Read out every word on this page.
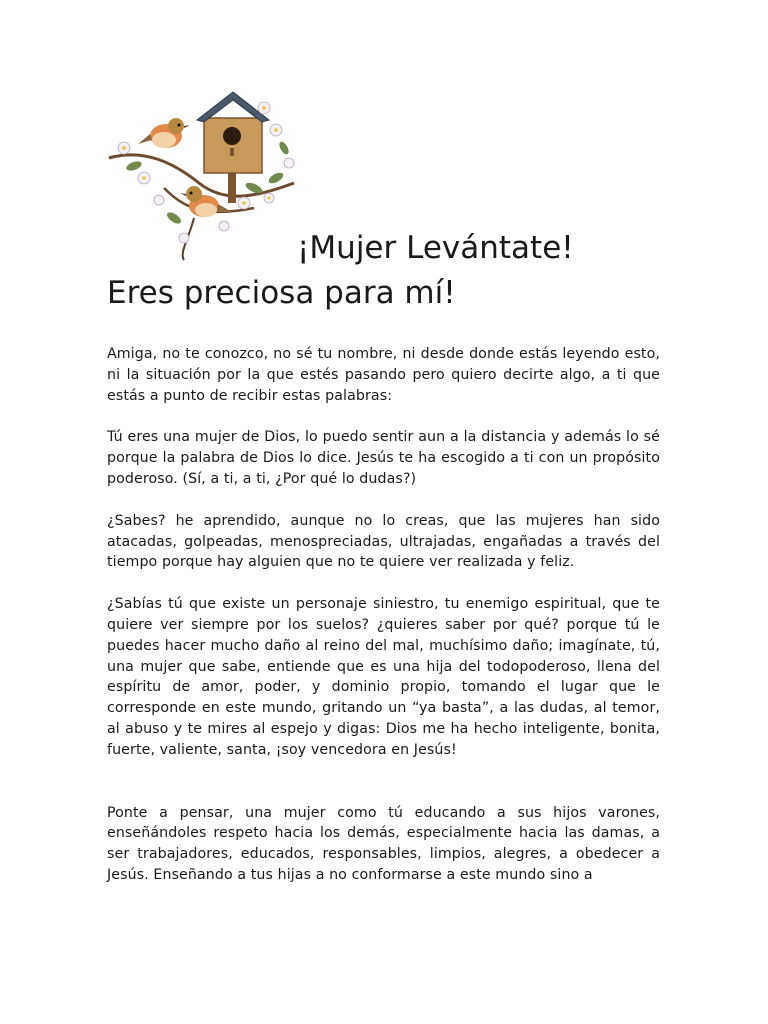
¡Mujer Levántate!
Eres preciosa para mí!

Amiga, no te conozco, no sé tu nombre, ni desde donde estás leyendo esto, ni la situación por la que estés pasando pero quiero decirte algo, a ti que estás a punto de recibir estas palabras:

Tú eres una mujer de Dios, lo puedo sentir aun a la distancia y además lo sé porque la palabra de Dios lo dice. Jesús te ha escogido a ti con un propósito poderoso. (Sí, a ti, a ti, ¿Por qué lo dudas?)

¿Sabes? he aprendido, aunque no lo creas, que las mujeres han sido atacadas, golpeadas, menospreciadas, ultrajadas, engañadas a través del tiempo porque hay alguien que no te quiere ver realizada y feliz.

¿Sabías tú que existe un personaje siniestro, tu enemigo espiritual, que te quiere ver siempre por los suelos? ¿quieres saber por qué? porque tú le puedes hacer mucho daño al reino del mal, muchísimo daño; imagínate, tú, una mujer que sabe, entiende que es una hija del todopoderoso, llena del espíritu de amor, poder, y dominio propio, tomando el lugar que le corresponde en este mundo, gritando un “ya basta”, a las dudas, al temor, al abuso y te mires al espejo y digas: Dios me ha hecho inteligente, bonita, fuerte, valiente, santa, ¡soy vencedora en Jesús!

Ponte a pensar, una mujer como tú educando a sus hijos varones, enseñándoles respeto hacia los demás, especialmente hacia las damas, a ser trabajadores, educados, responsables, limpios, alegres, a obedecer a Jesús. Enseñando a tus hijas a no conformarse a este mundo sino a
